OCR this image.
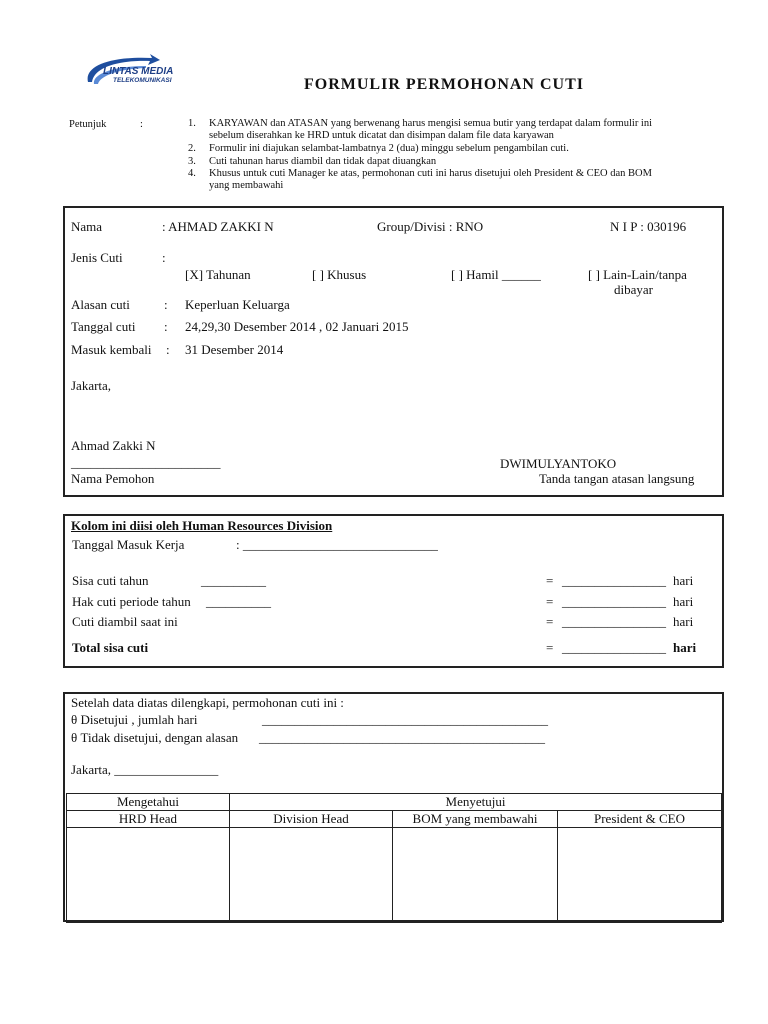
LINTAS MEDIA
TELEKOMUNIKASI	FORMULIR PERMOHONAN CUTI
Petunjuk	:	1. KARYAWAN dan ATASAN yang berwenang harus mengisi semua butir yang terdapat dalam formulir ini
sebelum diserahkan ke HRD untuk dicatat dan disimpan dalam file data karyawan
2. Formulir ini diajukan selambat-lambatnya 2 (dua) minggu sebelum pengambilan cuti.
3. Cuti tahunan harus diambil dan tidak dapat diuangkan
4. Khusus untuk cuti Manager ke atas, permohonan cuti ini harus disetujui oleh President & CEO dan BOM
yang membawahi
Nama	: AHMAD ZAKKI N	Group/Divisi : RNO	N I P : 030196
Jenis Cuti	:
[X] Tahunan	[ ] Khusus	[ ] Hamil ______	[ ] Lain-Lain/tanpa
dibayar
Alasan cuti	: Keperluan Keluarga
Tanggal cuti : 24,29,30 Desember 2014 , 02 Januari 2015
Masuk kembali : 31 Desember 2014
Jakarta,
Ahmad Zakki N
_______________________
Nama Pemohon
DWIMULYANTOKO
Tanda tangan atasan langsung
Kolom ini diisi oleh Human Resources Division
Tanggal Masuk Kerja	: ______________________________
Sisa cuti tahun	__________	= ________________ hari
Hak cuti periode tahun __________	= ________________ hari
Cuti diambil saat ini	= ________________ hari
Total sisa cuti	= ________________ hari
Setelah data diatas dilengkapi, permohonan cuti ini :
θ Disetujui , jumlah hari	____________________________________________
θ Tidak disetujui, dengan alasan ____________________________________________
Jakarta, ________________
Mengetahui	Menyetujui		
HRD Head	Division Head	BOM yang membawahi	President & CEO
